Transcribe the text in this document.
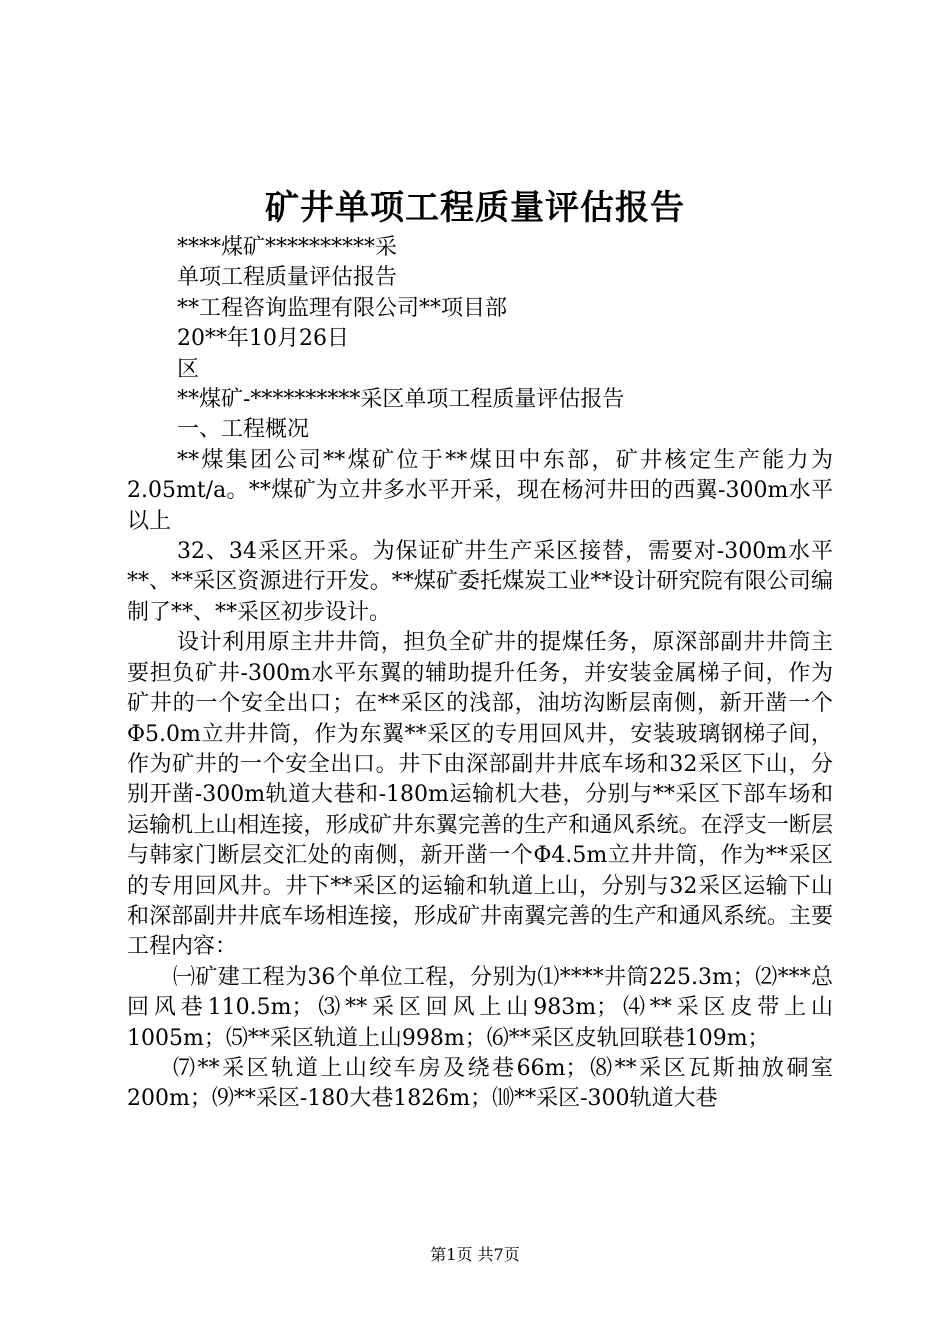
矿井单项工程质量评估报告

****煤矿**********采

单项工程质量评估报告

**工程咨询监理有限公司**项目部

20**年10月26日

区

**煤矿-**********采区单项工程质量评估报告

一、工程概况

**煤集团公司**煤矿位于**煤田中东部，矿井核定生产能力为2.05mt/a。**煤矿为立井多水平开采，现在杨河井田的西翼-300m水平以上

32、34采区开采。为保证矿井生产采区接替，需要对-300m水平**、**采区资源进行开发。**煤矿委托煤炭工业**设计研究院有限公司编制了**、**采区初步设计。

设计利用原主井井筒，担负全矿井的提煤任务，原深部副井井筒主要担负矿井-300m水平东翼的辅助提升任务，并安装金属梯子间，作为矿井的一个安全出口；在**采区的浅部，油坊沟断层南侧，新开凿一个Φ5.0m立井井筒，作为东翼**采区的专用回风井，安装玻璃钢梯子间，作为矿井的一个安全出口。井下由深部副井井底车场和32采区下山，分别开凿-300m轨道大巷和-180m运输机大巷，分别与**采区下部车场和运输机上山相连接，形成矿井东翼完善的生产和通风系统。在浮支一断层与韩家门断层交汇处的南侧，新开凿一个Φ4.5m立井井筒，作为**采区的专用回风井。井下**采区的运输和轨道上山，分别与32采区运输下山和深部副井井底车场相连接，形成矿井南翼完善的生产和通风系统。主要工程内容：

㈠矿建工程为36个单位工程，分别为⑴****井筒225.3m；⑵***总回风巷110.5m；⑶**采区回风上山983m；⑷**采区皮带上山1005m；⑸**采区轨道上山998m；⑹**采区皮轨回联巷109m；

⑺**采区轨道上山绞车房及绕巷66m；⑻**采区瓦斯抽放硐室200m；⑼**采区-180大巷1826m；⑽**采区-300轨道大巷

第1页 共7页
